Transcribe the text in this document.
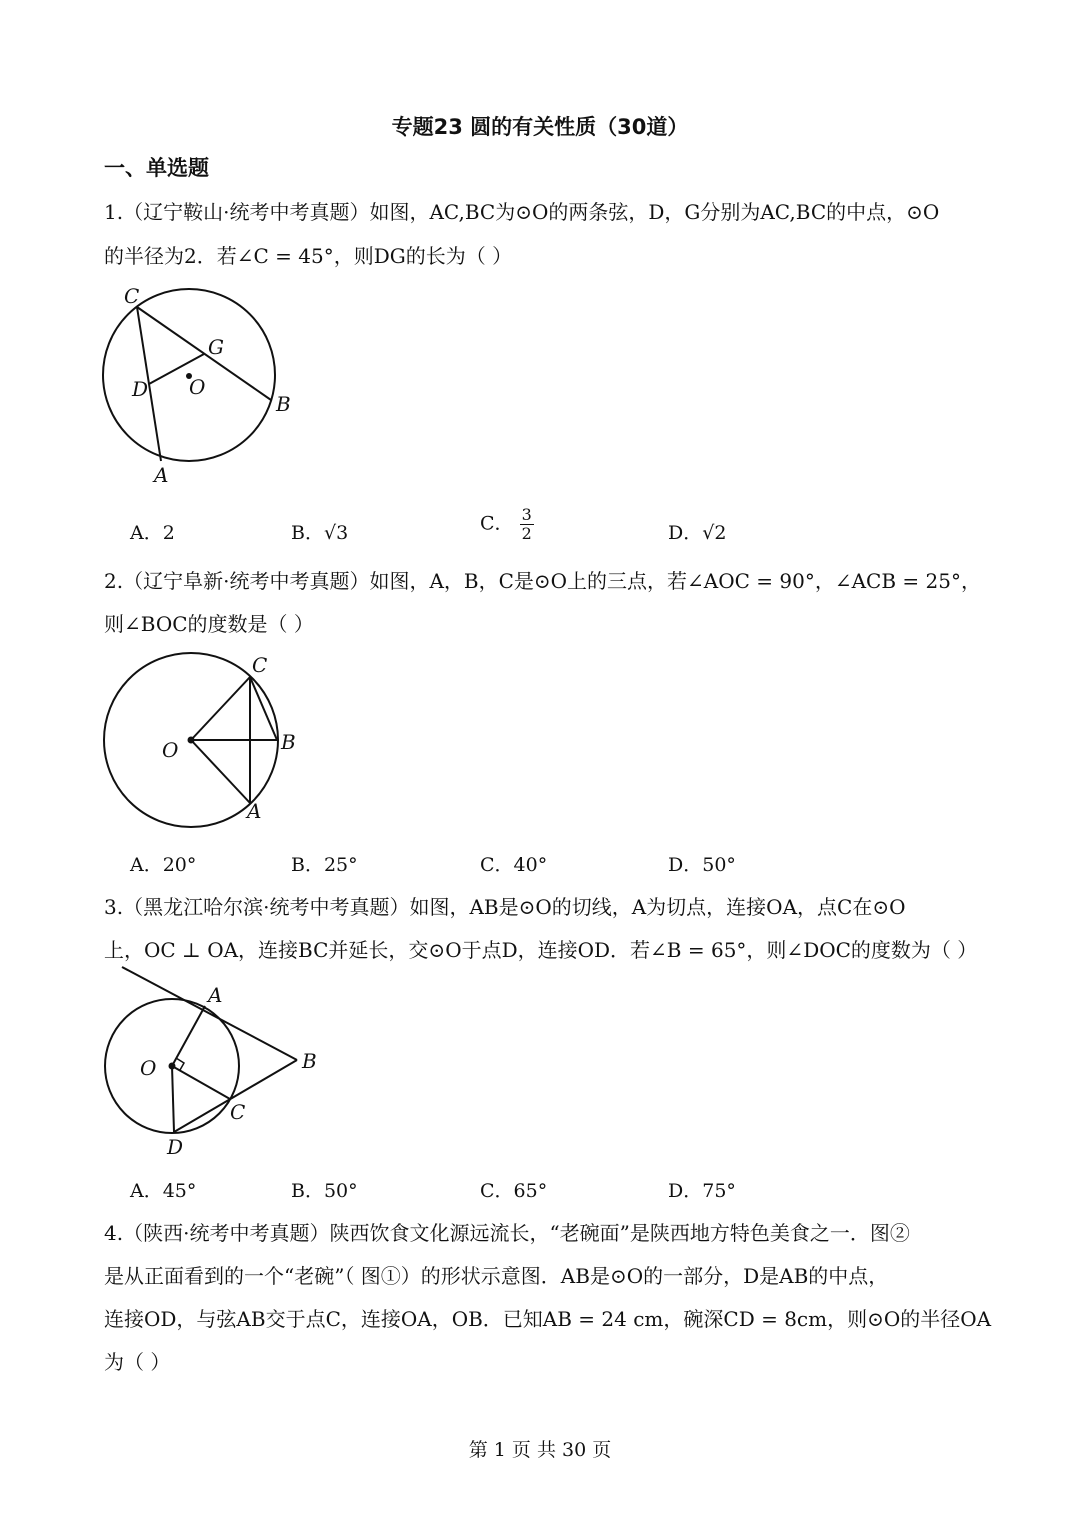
专题23 圆的有关性质（30道）
一、单选题
1.（辽宁鞍山·统考中考真题）如图，AC,BC为⊙O的两条弦，D，G分别为AC,BC的中点，⊙O
的半径为2．若∠C = 45°，则DG的长为（ ）
C
G
D O
B
A
A．2	B．√3	C． $\frac{3}{2}$	D．√2
2.（辽宁阜新·统考中考真题）如图，A，B，C是⊙O上的三点，若∠AOC = 90°，∠ACB = 25°，
则∠BOC的度数是（ ）
C
O	B
A
A．20°	B．25°	C．40°	D．50°
3.（黑龙江哈尔滨·统考中考真题）如图，AB是⊙O的切线，A为切点，连接OA，点C在⊙O
上，OC ⊥ OA，连接BC并延长，交⊙O于点D，连接OD．若∠B = 65°，则∠DOC的度数为（ ）
A
O	B
C
D
A．45°	B．50°	C．65°	D．75°
4.（陕西·统考中考真题）陕西饮食文化源远流长，“老碗面”是陕西地方特色美食之一．图②
是从正面看到的一个“老碗”（ 图①）的形状示意图．AB是⊙O的一部分，D是AB的中点，
连接OD，与弦AB交于点C，连接OA，OB．已知AB = 24 cm，碗深CD = 8cm，则⊙O的半径OA
为（ ）
第 1 页 共 30 页
